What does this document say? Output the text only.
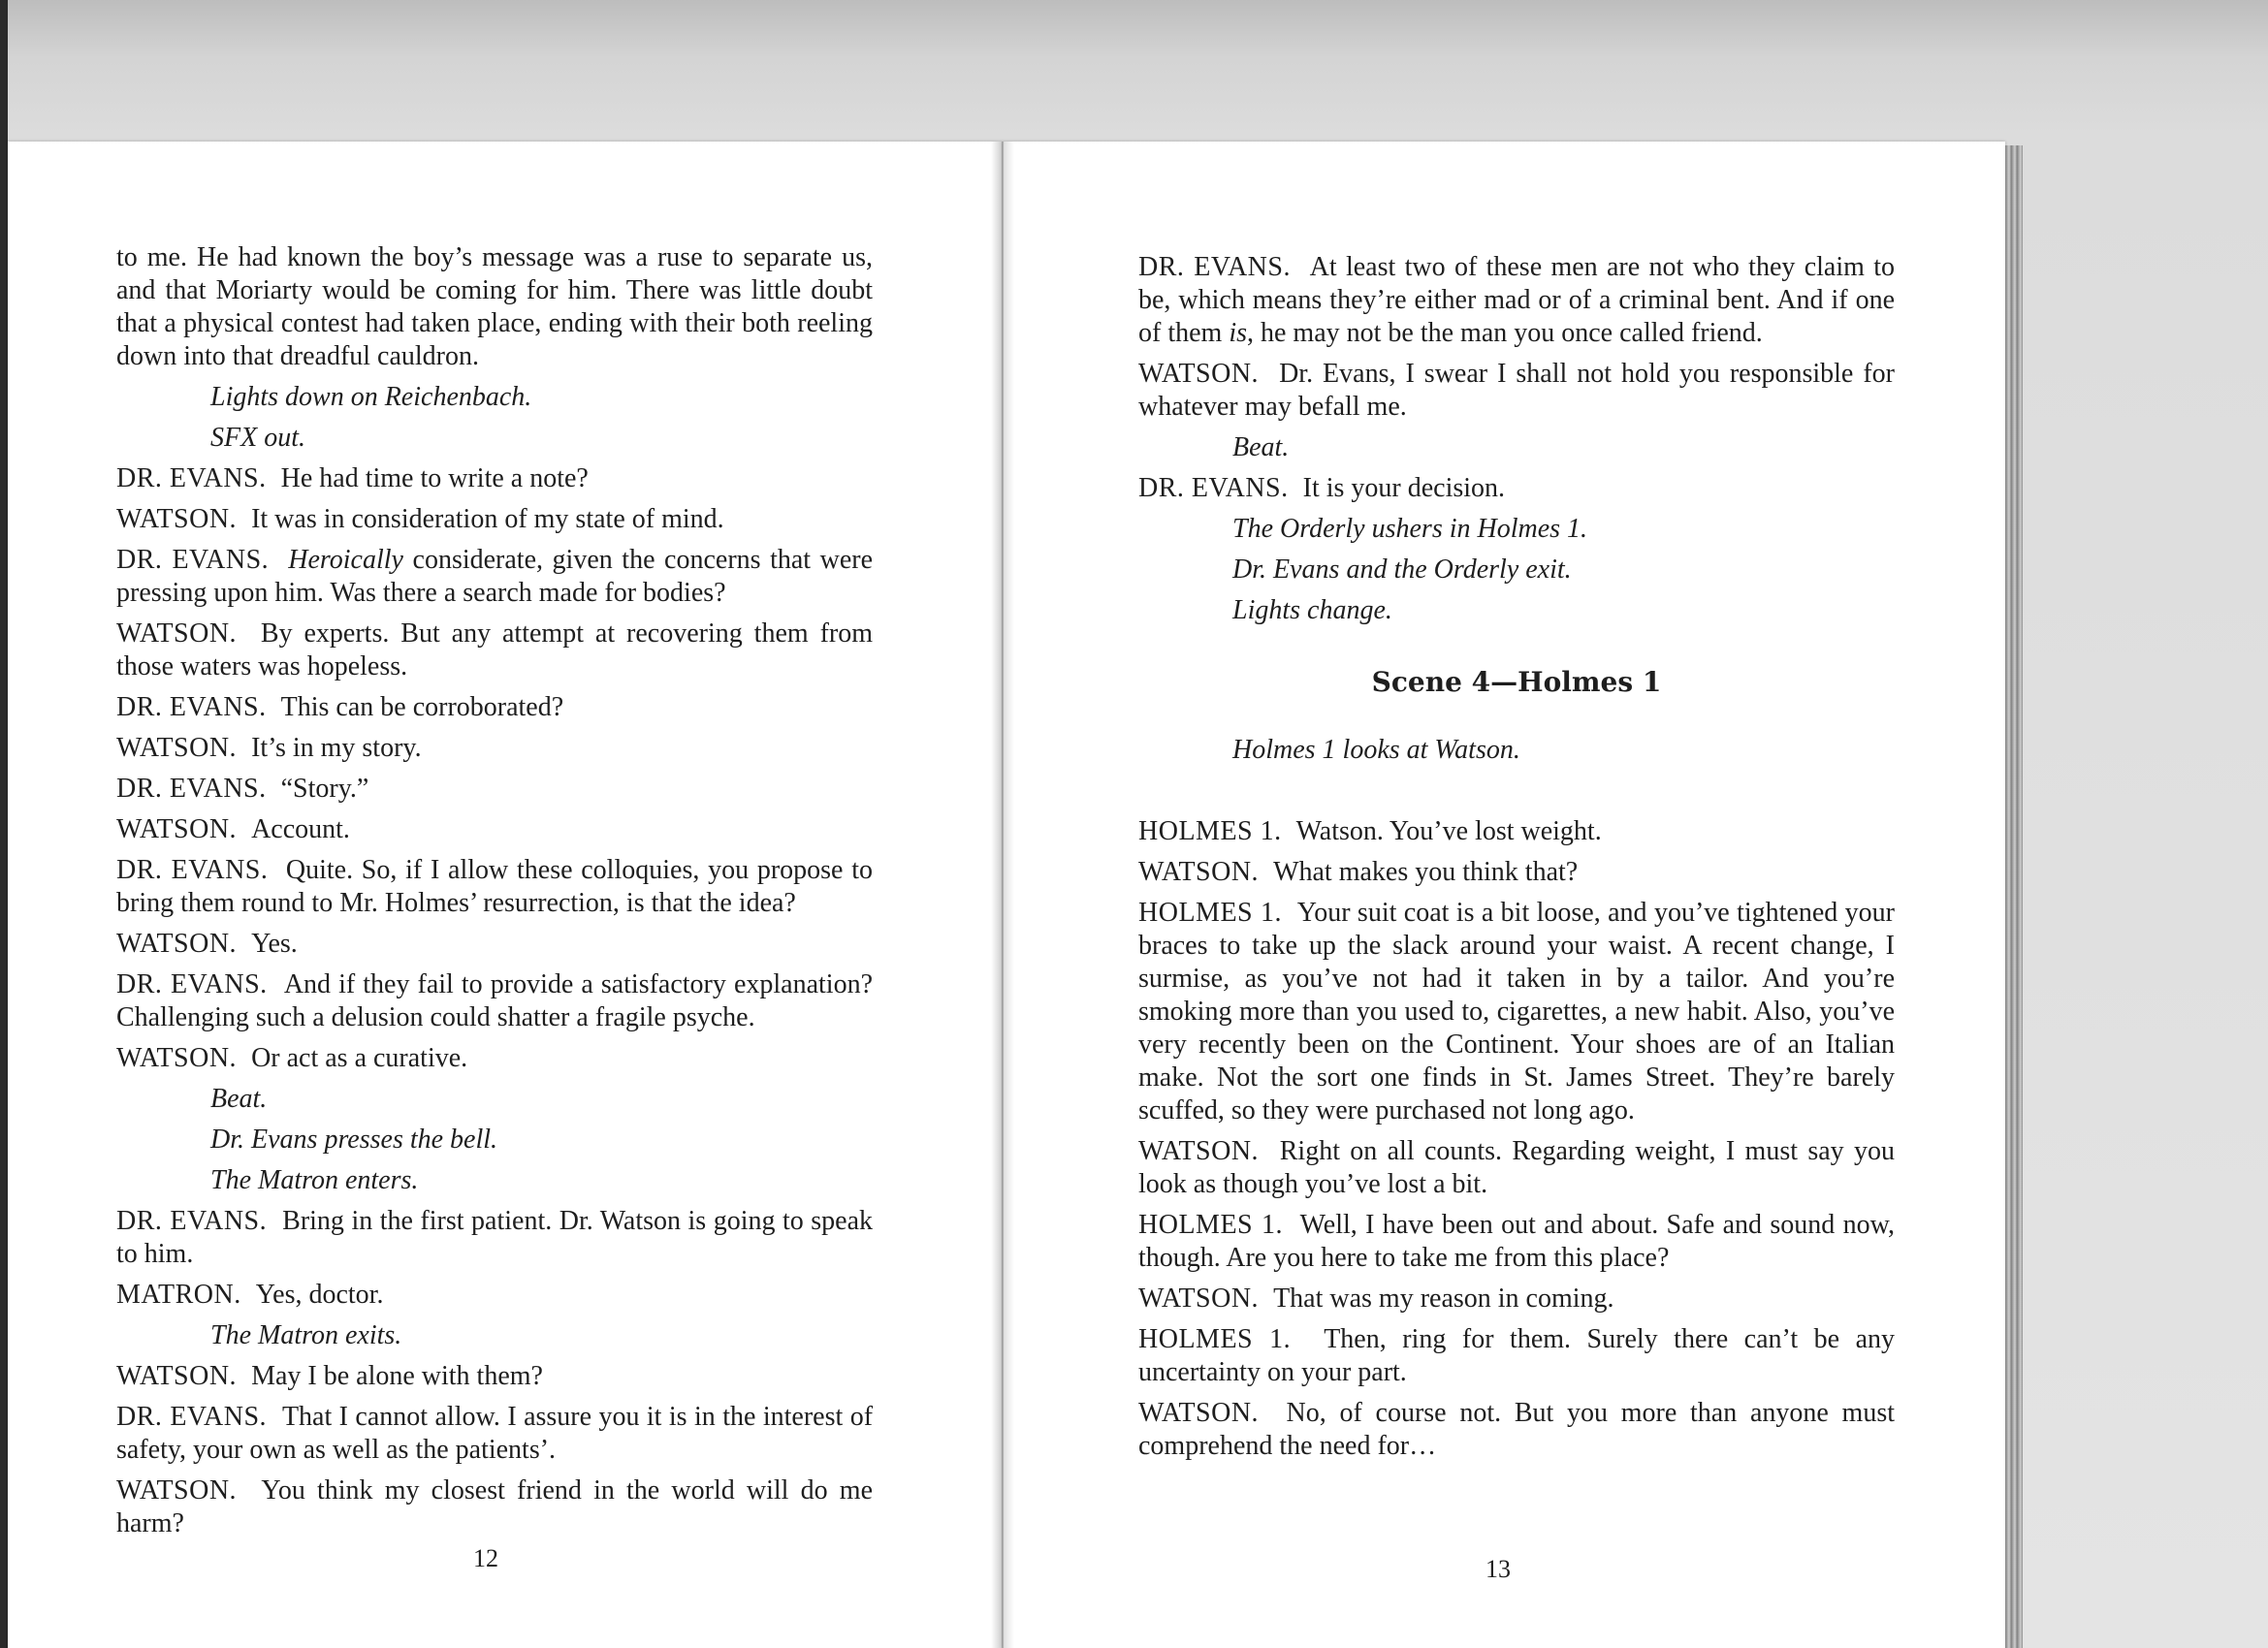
to me. He had known the boy’s message was a ruse to separate us, and that Moriarty would be coming for him. There was little doubt that a physical contest had taken place, ending with their both reeling down into that dreadful cauldron.

Lights down on Reichenbach.

SFX out.

DR. EVANS. He had time to write a note?

WATSON. It was in consideration of my state of mind.

DR. EVANS. Heroically considerate, given the concerns that were pressing upon him. Was there a search made for bodies?

WATSON. By experts. But any attempt at recovering them from those waters was hopeless.

DR. EVANS. This can be corroborated?

WATSON. It’s in my story.

DR. EVANS. “Story.”

WATSON. Account.

DR. EVANS. Quite. So, if I allow these colloquies, you propose to bring them round to Mr. Holmes’ resurrection, is that the idea?

WATSON. Yes.

DR. EVANS. And if they fail to provide a satisfactory explanation? Challenging such a delusion could shatter a fragile psyche.

WATSON. Or act as a curative.

Beat.

Dr. Evans presses the bell.

The Matron enters.

DR. EVANS. Bring in the first patient. Dr. Watson is going to speak to him.

MATRON. Yes, doctor.

The Matron exits.

WATSON. May I be alone with them?

DR. EVANS. That I cannot allow. I assure you it is in the interest of safety, your own as well as the patients’.

WATSON. You think my closest friend in the world will do me harm?

12

DR. EVANS. At least two of these men are not who they claim to be, which means they’re either mad or of a criminal bent. And if one of them is, he may not be the man you once called friend.

WATSON. Dr. Evans, I swear I shall not hold you responsible for whatever may befall me.

Beat.

DR. EVANS. It is your decision.

The Orderly ushers in Holmes 1.

Dr. Evans and the Orderly exit.

Lights change.

Scene 4—Holmes 1

Holmes 1 looks at Watson.

HOLMES 1. Watson. You’ve lost weight.

WATSON. What makes you think that?

HOLMES 1. Your suit coat is a bit loose, and you’ve tightened your braces to take up the slack around your waist. A recent change, I surmise, as you’ve not had it taken in by a tailor. And you’re smoking more than you used to, cigarettes, a new habit. Also, you’ve very recently been on the Continent. Your shoes are of an Italian make. Not the sort one finds in St. James Street. They’re barely scuffed, so they were purchased not long ago.

WATSON. Right on all counts. Regarding weight, I must say you look as though you’ve lost a bit.

HOLMES 1. Well, I have been out and about. Safe and sound now, though. Are you here to take me from this place?

WATSON. That was my reason in coming.

HOLMES 1. Then, ring for them. Surely there can’t be any uncertainty on your part.

WATSON. No, of course not. But you more than anyone must comprehend the need for…

13
